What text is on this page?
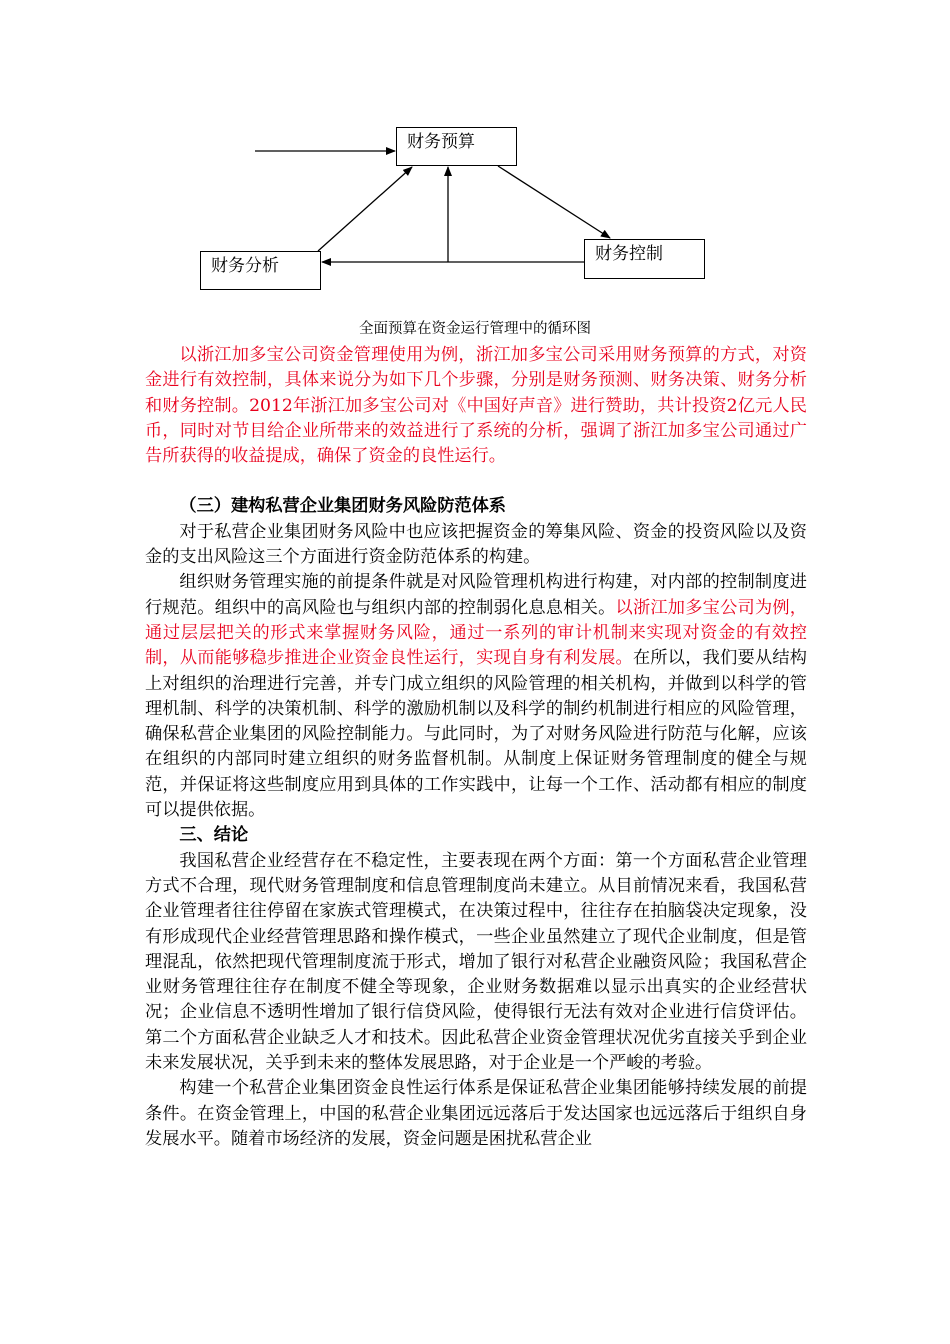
财务预算
财务分析
财务控制
全面预算在资金运行管理中的循环图

以浙江加多宝公司资金管理使用为例，浙江加多宝公司采用财务预算的方式，对资金进行有效控制，具体来说分为如下几个步骤，分别是财务预测、财务决策、财务分析和财务控制。2012年浙江加多宝公司对《中国好声音》进行赞助，共计投资2亿元人民币，同时对节目给企业所带来的效益进行了系统的分析，强调了浙江加多宝公司通过广告所获得的收益提成，确保了资金的良性运行。

（三）建构私营企业集团财务风险防范体系

对于私营企业集团财务风险中也应该把握资金的筹集风险、资金的投资风险以及资金的支出风险这三个方面进行资金防范体系的构建。

组织财务管理实施的前提条件就是对风险管理机构进行构建，对内部的控制制度进行规范。组织中的高风险也与组织内部的控制弱化息息相关。以浙江加多宝公司为例，通过层层把关的形式来掌握财务风险，通过一系列的审计机制来实现对资金的有效控制，从而能够稳步推进企业资金良性运行，实现自身有利发展。在所以，我们要从结构上对组织的治理进行完善，并专门成立组织的风险管理的相关机构，并做到以科学的管理机制、科学的决策机制、科学的激励机制以及科学的制约机制进行相应的风险管理，确保私营企业集团的风险控制能力。与此同时，为了对财务风险进行防范与化解，应该在组织的内部同时建立组织的财务监督机制。从制度上保证财务管理制度的健全与规范，并保证将这些制度应用到具体的工作实践中，让每一个工作、活动都有相应的制度可以提供依据。

三、结论

我国私营企业经营存在不稳定性，主要表现在两个方面：第一个方面私营企业管理方式不合理，现代财务管理制度和信息管理制度尚未建立。从目前情况来看，我国私营企业管理者往往停留在家族式管理模式，在决策过程中，往往存在拍脑袋决定现象，没有形成现代企业经营管理思路和操作模式，一些企业虽然建立了现代企业制度，但是管理混乱，依然把现代管理制度流于形式，增加了银行对私营企业融资风险；我国私营企业财务管理往往存在制度不健全等现象，企业财务数据难以显示出真实的企业经营状况；企业信息不透明性增加了银行信贷风险，使得银行无法有效对企业进行信贷评估。第二个方面私营企业缺乏人才和技术。因此私营企业资金管理状况优劣直接关乎到企业未来发展状况，关乎到未来的整体发展思路，对于企业是一个严峻的考验。

构建一个私营企业集团资金良性运行体系是保证私营企业集团能够持续发展的前提条件。在资金管理上，中国的私营企业集团远远落后于发达国家也远远落后于组织自身发展水平。随着市场经济的发展，资金问题是困扰私营企业
